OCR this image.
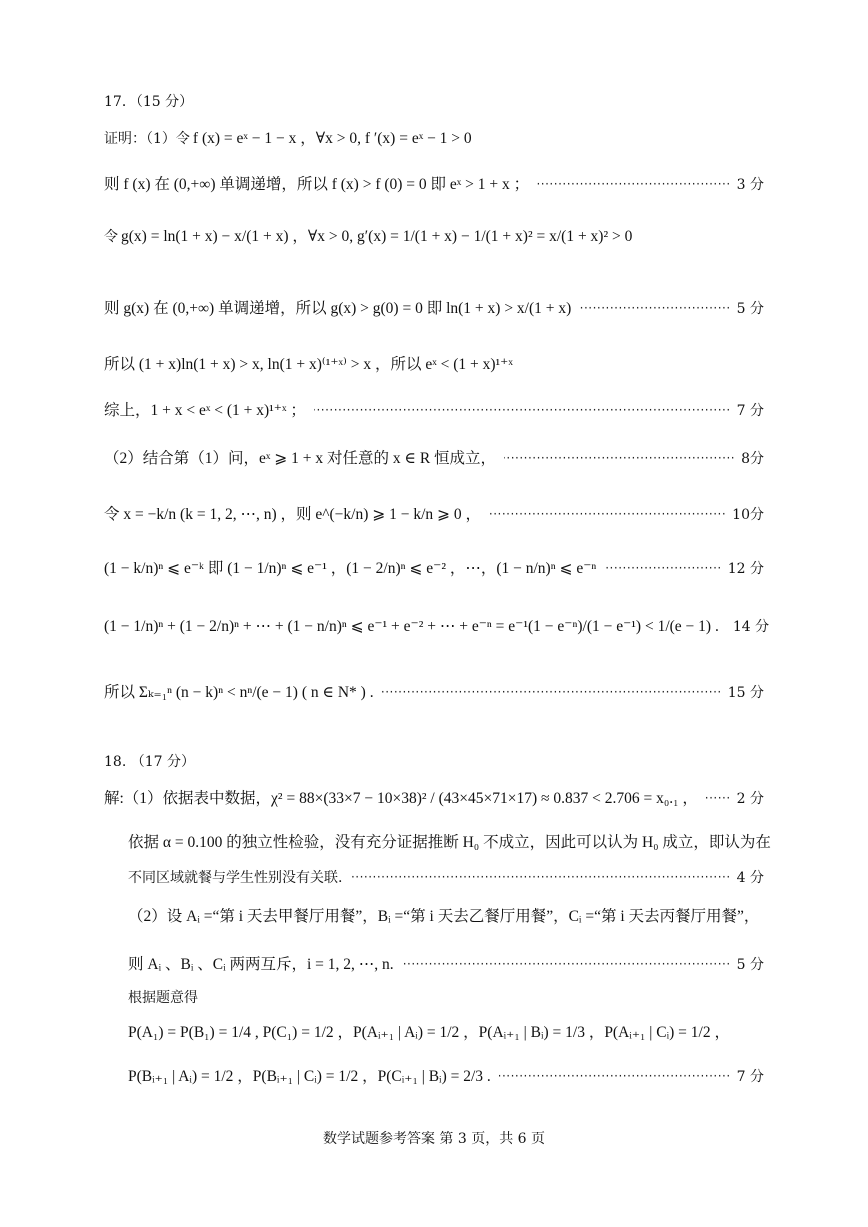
17．（15 分）
证明：（1）令 f (x) = eˣ − 1 − x ，∀x > 0, f ′(x) = eˣ − 1 > 0
则 f (x) 在 (0,+∞) 单调递增，所以 f (x) > f (0) = 0 即 eˣ > 1 + x ； ·····	3 分
令 g(x) = ln(1 + x) − x/(1 + x) ，∀x > 0, g′(x) = 1/(1 + x) − 1/(1 + x)² = x/(1 + x)² > 0
则 g(x) 在 (0,+∞) 单调递增，所以 g(x) > g(0) = 0 即 ln(1 + x) > x/(1 + x) ·····	5 分
所以 (1 + x)ln(1 + x) > x, ln(1 + x)⁽¹⁺ˣ⁾ > x ，所以 eˣ < (1 + x)¹⁺ˣ
综上，1 + x < eˣ < (1 + x)¹⁺ˣ ； ·····	7 分
（2）结合第（1）问，eˣ ⩾ 1 + x 对任意的 x ∈ R 恒成立， ·····	8分
令 x = −k/n (k = 1, 2, ⋯, n) ，则 e^(−k/n) ⩾ 1 − k/n ⩾ 0 ， ·····	10分
(1 − k/n)ⁿ ⩽ e⁻ᵏ 即 (1 − 1/n)ⁿ ⩽ e⁻¹ ，(1 − 2/n)ⁿ ⩽ e⁻² ，⋯，(1 − n/n)ⁿ ⩽ e⁻ⁿ ·····	12 分
(1 − 1/n)ⁿ + (1 − 2/n)ⁿ + ⋯ + (1 − n/n)ⁿ ⩽ e⁻¹ + e⁻² + ⋯ + e⁻ⁿ = e⁻¹(1 − e⁻ⁿ)/(1 − e⁻¹) < 1/(e − 1) . 14 分
所以 Σₖ₌₁ⁿ (n − k)ⁿ < nⁿ/(e − 1) ( n ∈ N* ) . ·····	15 分
18. （17 分）
解:（1）依据表中数据，χ² = 88×(33×7 − 10×38)² / (43×45×71×17) ≈ 0.837 < 2.706 = x₀.₁ ， ·····	2 分
依据 α = 0.100 的独立性检验，没有充分证据推断 H₀ 不成立，因此可以认为 H₀ 成立，即认为在
不同区域就餐与学生性别没有关联. ·····	4 分
（2）设 Aᵢ =“第 i 天去甲餐厅用餐”，Bᵢ =“第 i 天去乙餐厅用餐”，Cᵢ =“第 i 天去丙餐厅用餐”，
则 Aᵢ 、Bᵢ 、Cᵢ 两两互斥，i = 1, 2, ⋯, n. ·····	5 分
根据题意得
P(A₁) = P(B₁) = 1/4 , P(C₁) = 1/2 ，P(Aᵢ₊₁ | Aᵢ) = 1/2 ，P(Aᵢ₊₁ | Bᵢ) = 1/3 ，P(Aᵢ₊₁ | Cᵢ) = 1/2 ，
P(Bᵢ₊₁ | Aᵢ) = 1/2 ，P(Bᵢ₊₁ | Cᵢ) = 1/2 ，P(Cᵢ₊₁ | Bᵢ) = 2/3 . ·····	7 分
数学试题参考答案 第 3 页，共 6 页
